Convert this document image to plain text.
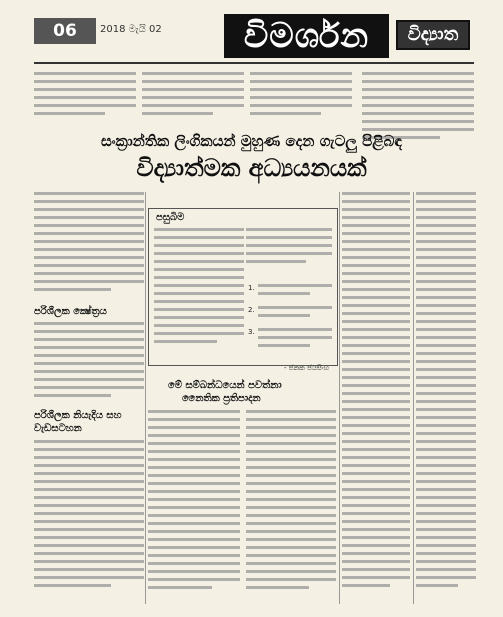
06	2018 මැයි 02	විමර්ශන	විද්‍යාත
සංක්‍රාන්තික ලිංගිකයන් මුහුණ දෙන ගැටලු පිළිබඳ
විද්‍යාත්මක අධ්‍යයනයක්
පරිශීලක ක්‍ෂේත්‍රය
පරිශීලක නියැදිය සහ
වැඩසටහන
පසුබිම
1.
2.
3.
මේ සම්බන්ධයෙන් පවත්නා
නෛතික ප්‍රතිපාදන
- ජනක ජයසිංහ
